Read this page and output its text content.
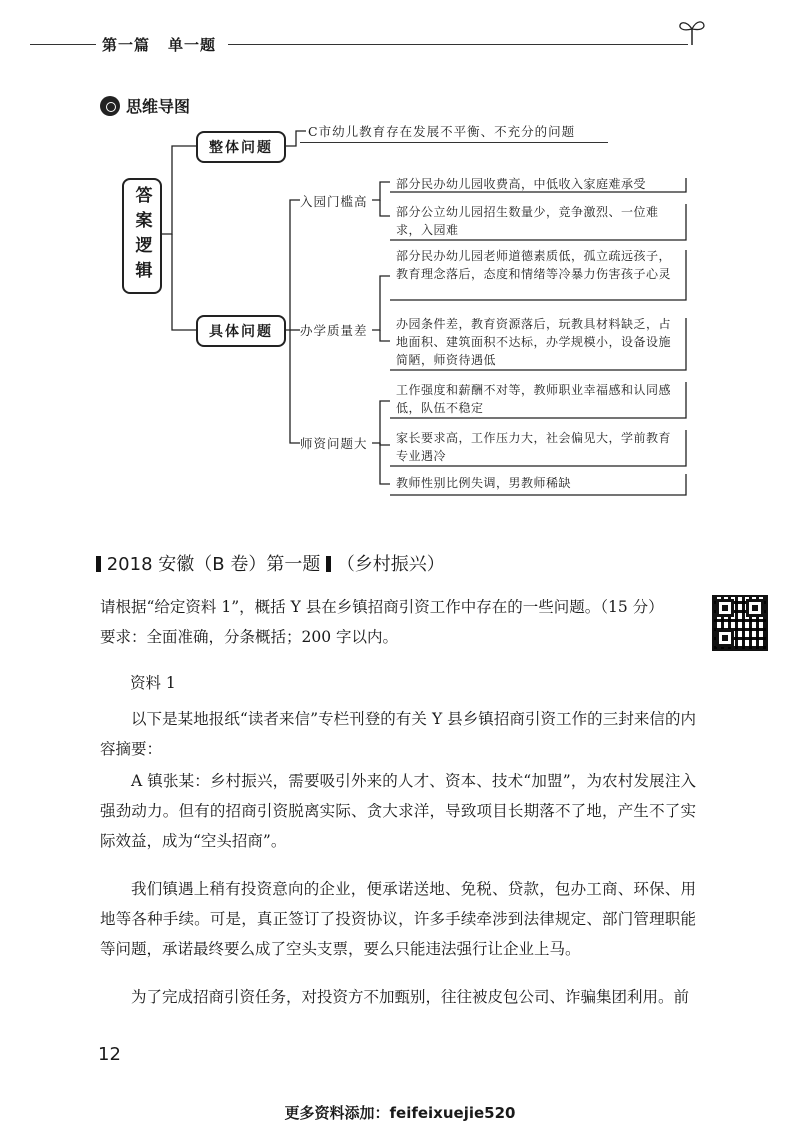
第一篇 单一题
思维导图
答案逻辑
整体问题
具体问题
C市幼儿教育存在发展不平衡、不充分的问题
入园门槛高
办学质量差
师资问题大
部分民办幼儿园收费高，中低收入家庭难承受
部分公立幼儿园招生数量少，竞争激烈、一位难求，入园难
部分民办幼儿园老师道德素质低，孤立疏远孩子，教育理念落后，态度和情绪等冷暴力伤害孩子心灵
办园条件差，教育资源落后，玩教具材料缺乏，占地面积、建筑面积不达标，办学规模小，设备设施简陋，师资待遇低
工作强度和薪酬不对等，教师职业幸福感和认同感低，队伍不稳定
家长要求高，工作压力大，社会偏见大，学前教育专业遇冷
教师性别比例失调，男教师稀缺
2018 安徽（B 卷）第一题 （乡村振兴）
请根据“给定资料 1”，概括 Y 县在乡镇招商引资工作中存在的一些问题。（15 分）
要求：全面准确，分条概括；200 字以内。
资料 1
以下是某地报纸“读者来信”专栏刊登的有关 Y 县乡镇招商引资工作的三封来信的内容摘要：
A 镇张某：乡村振兴，需要吸引外来的人才、资本、技术“加盟”，为农村发展注入强劲动力。但有的招商引资脱离实际、贪大求洋，导致项目长期落不了地，产生不了实际效益，成为“空头招商”。
我们镇遇上稍有投资意向的企业，便承诺送地、免税、贷款，包办工商、环保、用地等各种手续。可是，真正签订了投资协议，许多手续牵涉到法律规定、部门管理职能等问题，承诺最终要么成了空头支票，要么只能违法强行让企业上马。
为了完成招商引资任务，对投资方不加甄别，往往被皮包公司、诈骗集团利用。前
12
更多资料添加：feifeixuejie520
